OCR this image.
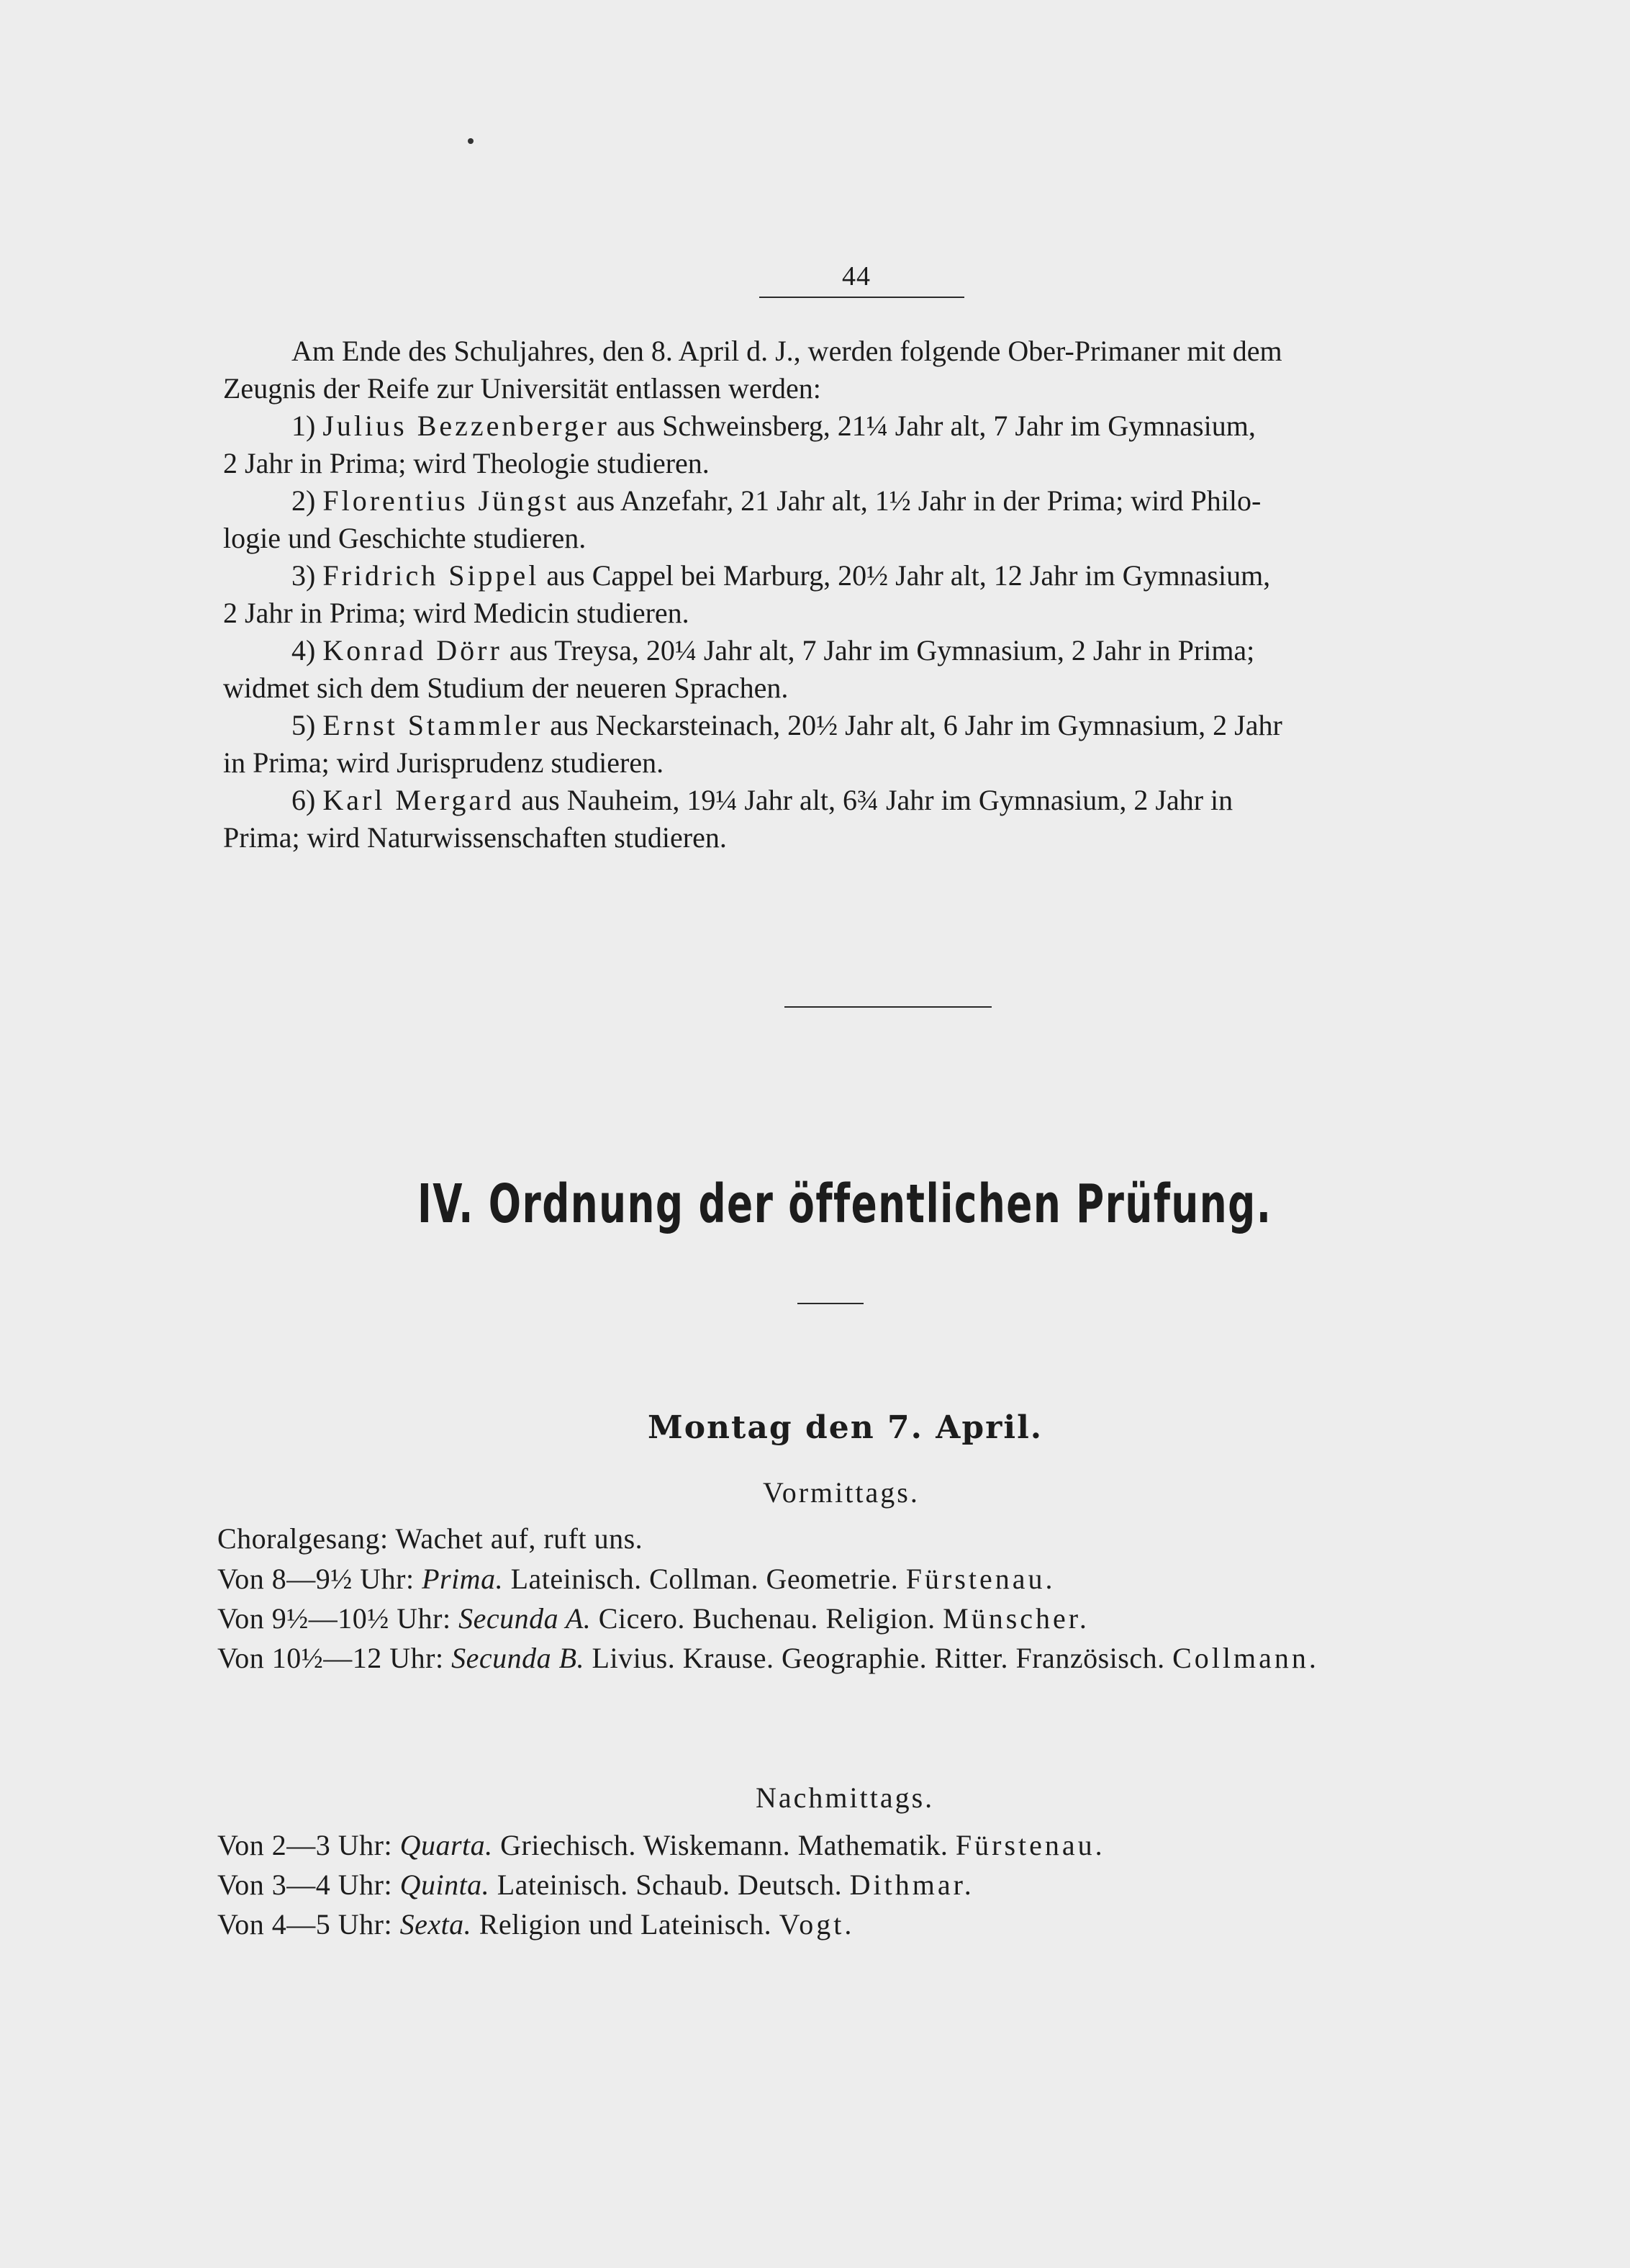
44
Am Ende des Schuljahres, den 8. April d. J., werden folgende Ober-Primaner mit dem
Zeugnis der Reife zur Universität entlassen werden:
1) Julius Bezzenberger aus Schweinsberg, 21¼ Jahr alt, 7 Jahr im Gymnasium,
2 Jahr in Prima; wird Theologie studieren.
2) Florentius Jüngst aus Anzefahr, 21 Jahr alt, 1½ Jahr in der Prima; wird Philo-
logie und Geschichte studieren.
3) Fridrich Sippel aus Cappel bei Marburg, 20½ Jahr alt, 12 Jahr im Gymnasium,
2 Jahr in Prima; wird Medicin studieren.
4) Konrad Dörr aus Treysa, 20¼ Jahr alt, 7 Jahr im Gymnasium, 2 Jahr in Prima;
widmet sich dem Studium der neueren Sprachen.
5) Ernst Stammler aus Neckarsteinach, 20½ Jahr alt, 6 Jahr im Gymnasium, 2 Jahr
in Prima; wird Jurisprudenz studieren.
6) Karl Mergard aus Nauheim, 19¼ Jahr alt, 6¾ Jahr im Gymnasium, 2 Jahr in
Prima; wird Naturwissenschaften studieren.
IV. Ordnung der öffentlichen Prüfung.
Montag den 7. April.
Vormittags.
Choralgesang: Wachet auf, ruft uns.
Von 8—9½ Uhr: Prima. Lateinisch. Collman. Geometrie. Fürstenau.
Von 9½—10½ Uhr: Secunda A. Cicero. Buchenau. Religion. Münscher.
Von 10½—12 Uhr: Secunda B. Livius. Krause. Geographie. Ritter. Französisch. Collmann.
Nachmittags.
Von 2—3 Uhr: Quarta. Griechisch. Wiskemann. Mathematik. Fürstenau.
Von 3—4 Uhr: Quinta. Lateinisch. Schaub. Deutsch. Dithmar.
Von 4—5 Uhr: Sexta. Religion und Lateinisch. Vogt.
